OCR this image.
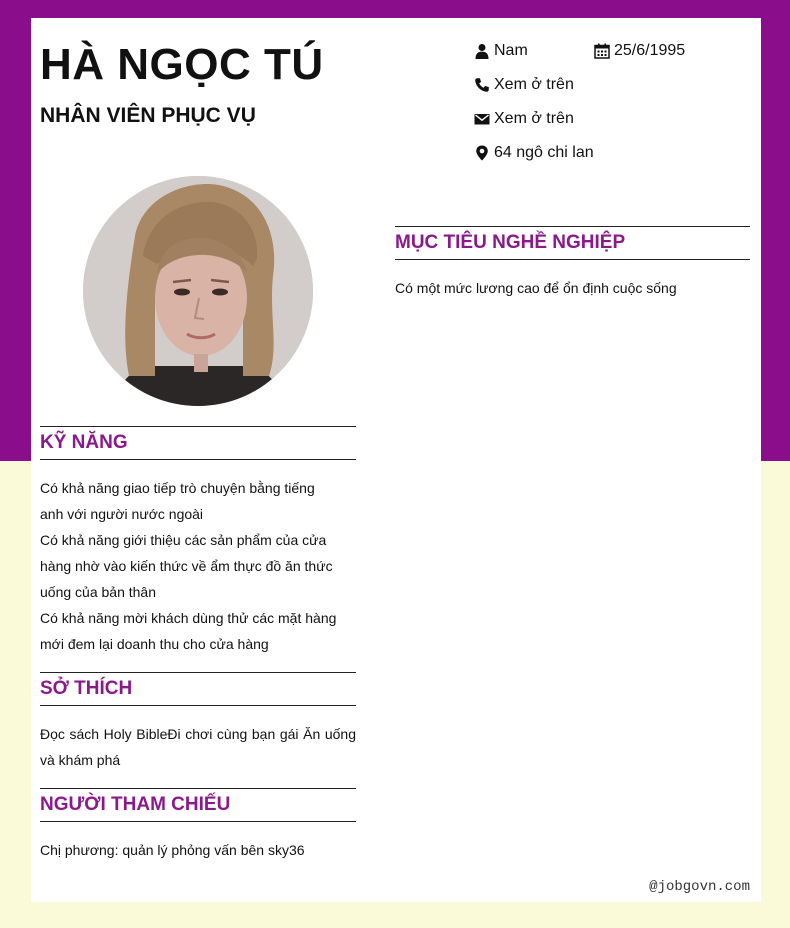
HÀ NGỌC TÚ
NHÂN VIÊN PHỤC VỤ
Nam	25/6/1995
Xem ở trên
Xem ở trên
64 ngô chi lan
KỸ NĂNG

Có khả năng giao tiếp trò chuyện bằng tiếng anh với người nước ngoài

Có khả năng giới thiệu các sản phẩm của cửa hàng nhờ vào kiến thức về ẩm thực đồ ăn thức uống của bản thân

Có khả năng mời khách dùng thử các mặt hàng mới đem lại doanh thu cho cửa hàng

SỞ THÍCH

Đọc sách Holy BibleĐi chơi cùng bạn gái Ăn uống và khám phá

NGƯỜI THAM CHIẾU

Chị phương: quản lý phỏng vấn bên sky36

MỤC TIÊU NGHỀ NGHIỆP

Có một mức lương cao để ổn định cuộc sống

@jobgovn.com
